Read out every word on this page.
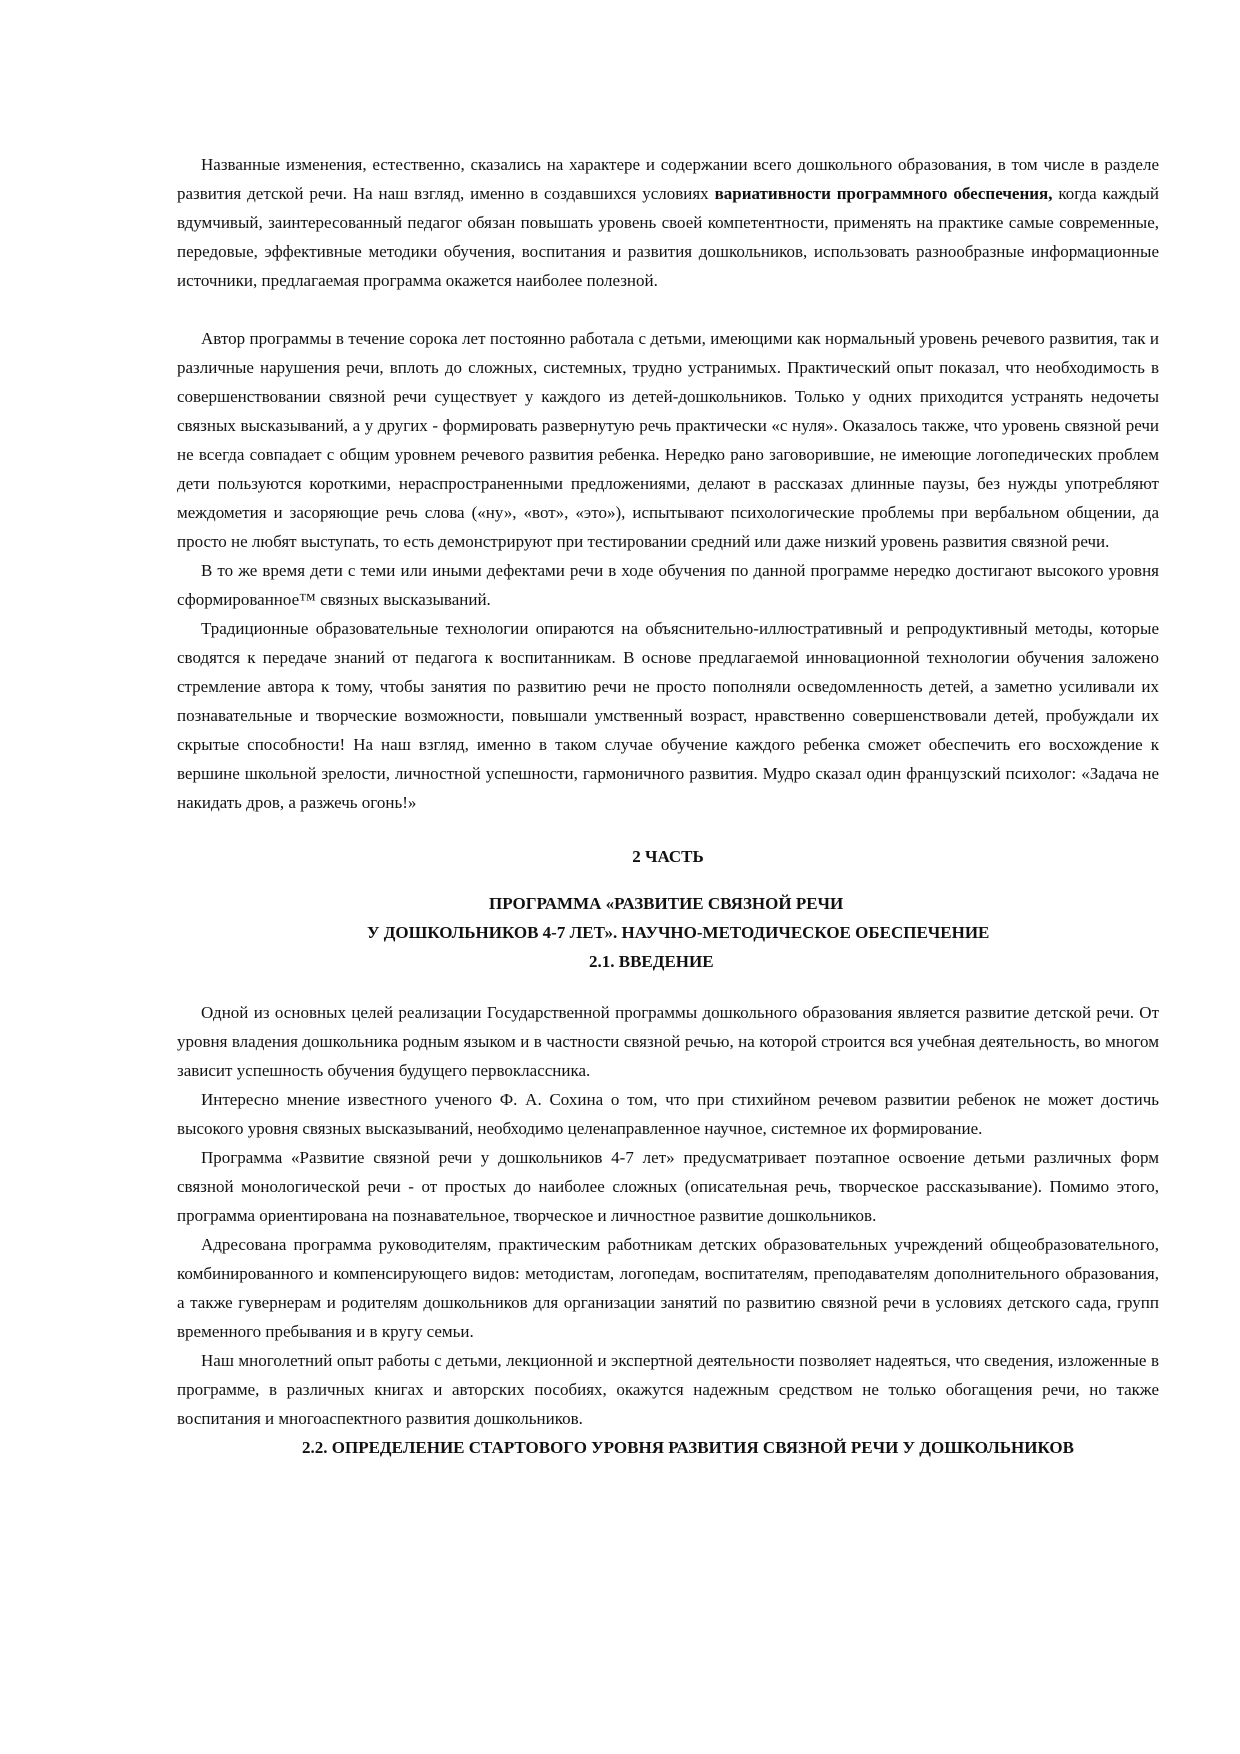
Названные изменения, естественно, сказались на характере и содержании всего дошкольного образования, в том числе в разделе развития детской речи. На наш взгляд, именно в создавшихся условиях вариативности программного обеспечения, когда каждый вдумчивый, заинтересованный педагог обязан повышать уровень своей компетентности, применять на практике самые современные, передовые, эффективные методики обучения, воспитания и развития дошкольников, использовать разнообразные информационные источники, предлагаемая программа окажется наиболее полезной.

Автор программы в течение сорока лет постоянно работала с детьми, имеющими как нормальный уровень речевого развития, так и различные нарушения речи, вплоть до сложных, системных, трудно устранимых. Практический опыт показал, что необходимость в совершенствовании связной речи существует у каждого из детей-дошкольников. Только у одних приходится устранять недочеты связных высказываний, а у других - формировать развернутую речь практически «с нуля». Оказалось также, что уровень связной речи не всегда совпадает с общим уровнем речевого развития ребенка. Нередко рано заговорившие, не имеющие логопедических проблем дети пользуются короткими, нераспространенными предложениями, делают в рассказах длинные паузы, без нужды употребляют междометия и засоряющие речь слова («ну», «вот», «это»), испытывают психологические проблемы при вербальном общении, да просто не любят выступать, то есть демонстрируют при тестировании средний или даже низкий уровень развития связной речи.

В то же время дети с теми или иными дефектами речи в ходе обучения по данной программе нередко достигают высокого уровня сформированное™ связных высказываний.

Традиционные образовательные технологии опираются на объяснительно-иллюстративный и репродуктивный методы, которые сводятся к передаче знаний от педагога к воспитанникам. В основе предлагаемой инновационной технологии обучения заложено стремление автора к тому, чтобы занятия по развитию речи не просто пополняли осведомленность детей, а заметно усиливали их познавательные и творческие возможности, повышали умственный возраст, нравственно совершенствовали детей, пробуждали их скрытые способности! На наш взгляд, именно в таком случае обучение каждого ребенка сможет обеспечить его восхождение к вершине школьной зрелости, личностной успешности, гармоничного развития. Мудро сказал один французский психолог: «Задача не накидать дров, а разжечь огонь!»

2 ЧАСТЬ

ПРОГРАММА «РАЗВИТИЕ СВЯЗНОЙ РЕЧИ

У ДОШКОЛЬНИКОВ 4-7 ЛЕТ». НАУЧНО-МЕТОДИЧЕСКОЕ ОБЕСПЕЧЕНИЕ

2.1. ВВЕДЕНИЕ

Одной из основных целей реализации Государственной программы дошкольного образования является развитие детской речи. От уровня владения дошкольника родным языком и в частности связной речью, на которой строится вся учебная деятельность, во многом зависит успешность обучения будущего первоклассника.

Интересно мнение известного ученого Ф. А. Сохина о том, что при стихийном речевом развитии ребенок не может достичь высокого уровня связных высказываний, необходимо целенаправленное научное, системное их формирование.

Программа «Развитие связной речи у дошкольников 4-7 лет» предусматривает поэтапное освоение детьми различных форм связной монологической речи - от простых до наиболее сложных (описательная речь, творческое рассказывание). Помимо этого, программа ориентирована на познавательное, творческое и личностное развитие дошкольников.

Адресована программа руководителям, практическим работникам детских образовательных учреждений общеобразовательного, комбинированного и компенсирующего видов: методистам, логопедам, воспитателям, преподавателям дополнительного образования, а также гувернерам и родителям дошкольников для организации занятий по развитию связной речи в условиях детского сада, групп временного пребывания и в кругу семьи.

Наш многолетний опыт работы с детьми, лекционной и экспертной деятельности позволяет надеяться, что сведения, изложенные в программе, в различных книгах и авторских пособиях, окажутся надежным средством не только обогащения речи, но также воспитания и многоаспектного развития дошкольников.

2.2. ОПРЕДЕЛЕНИЕ СТАРТОВОГО УРОВНЯ РАЗВИТИЯ СВЯЗНОЙ РЕЧИ У ДОШКОЛЬНИКОВ
